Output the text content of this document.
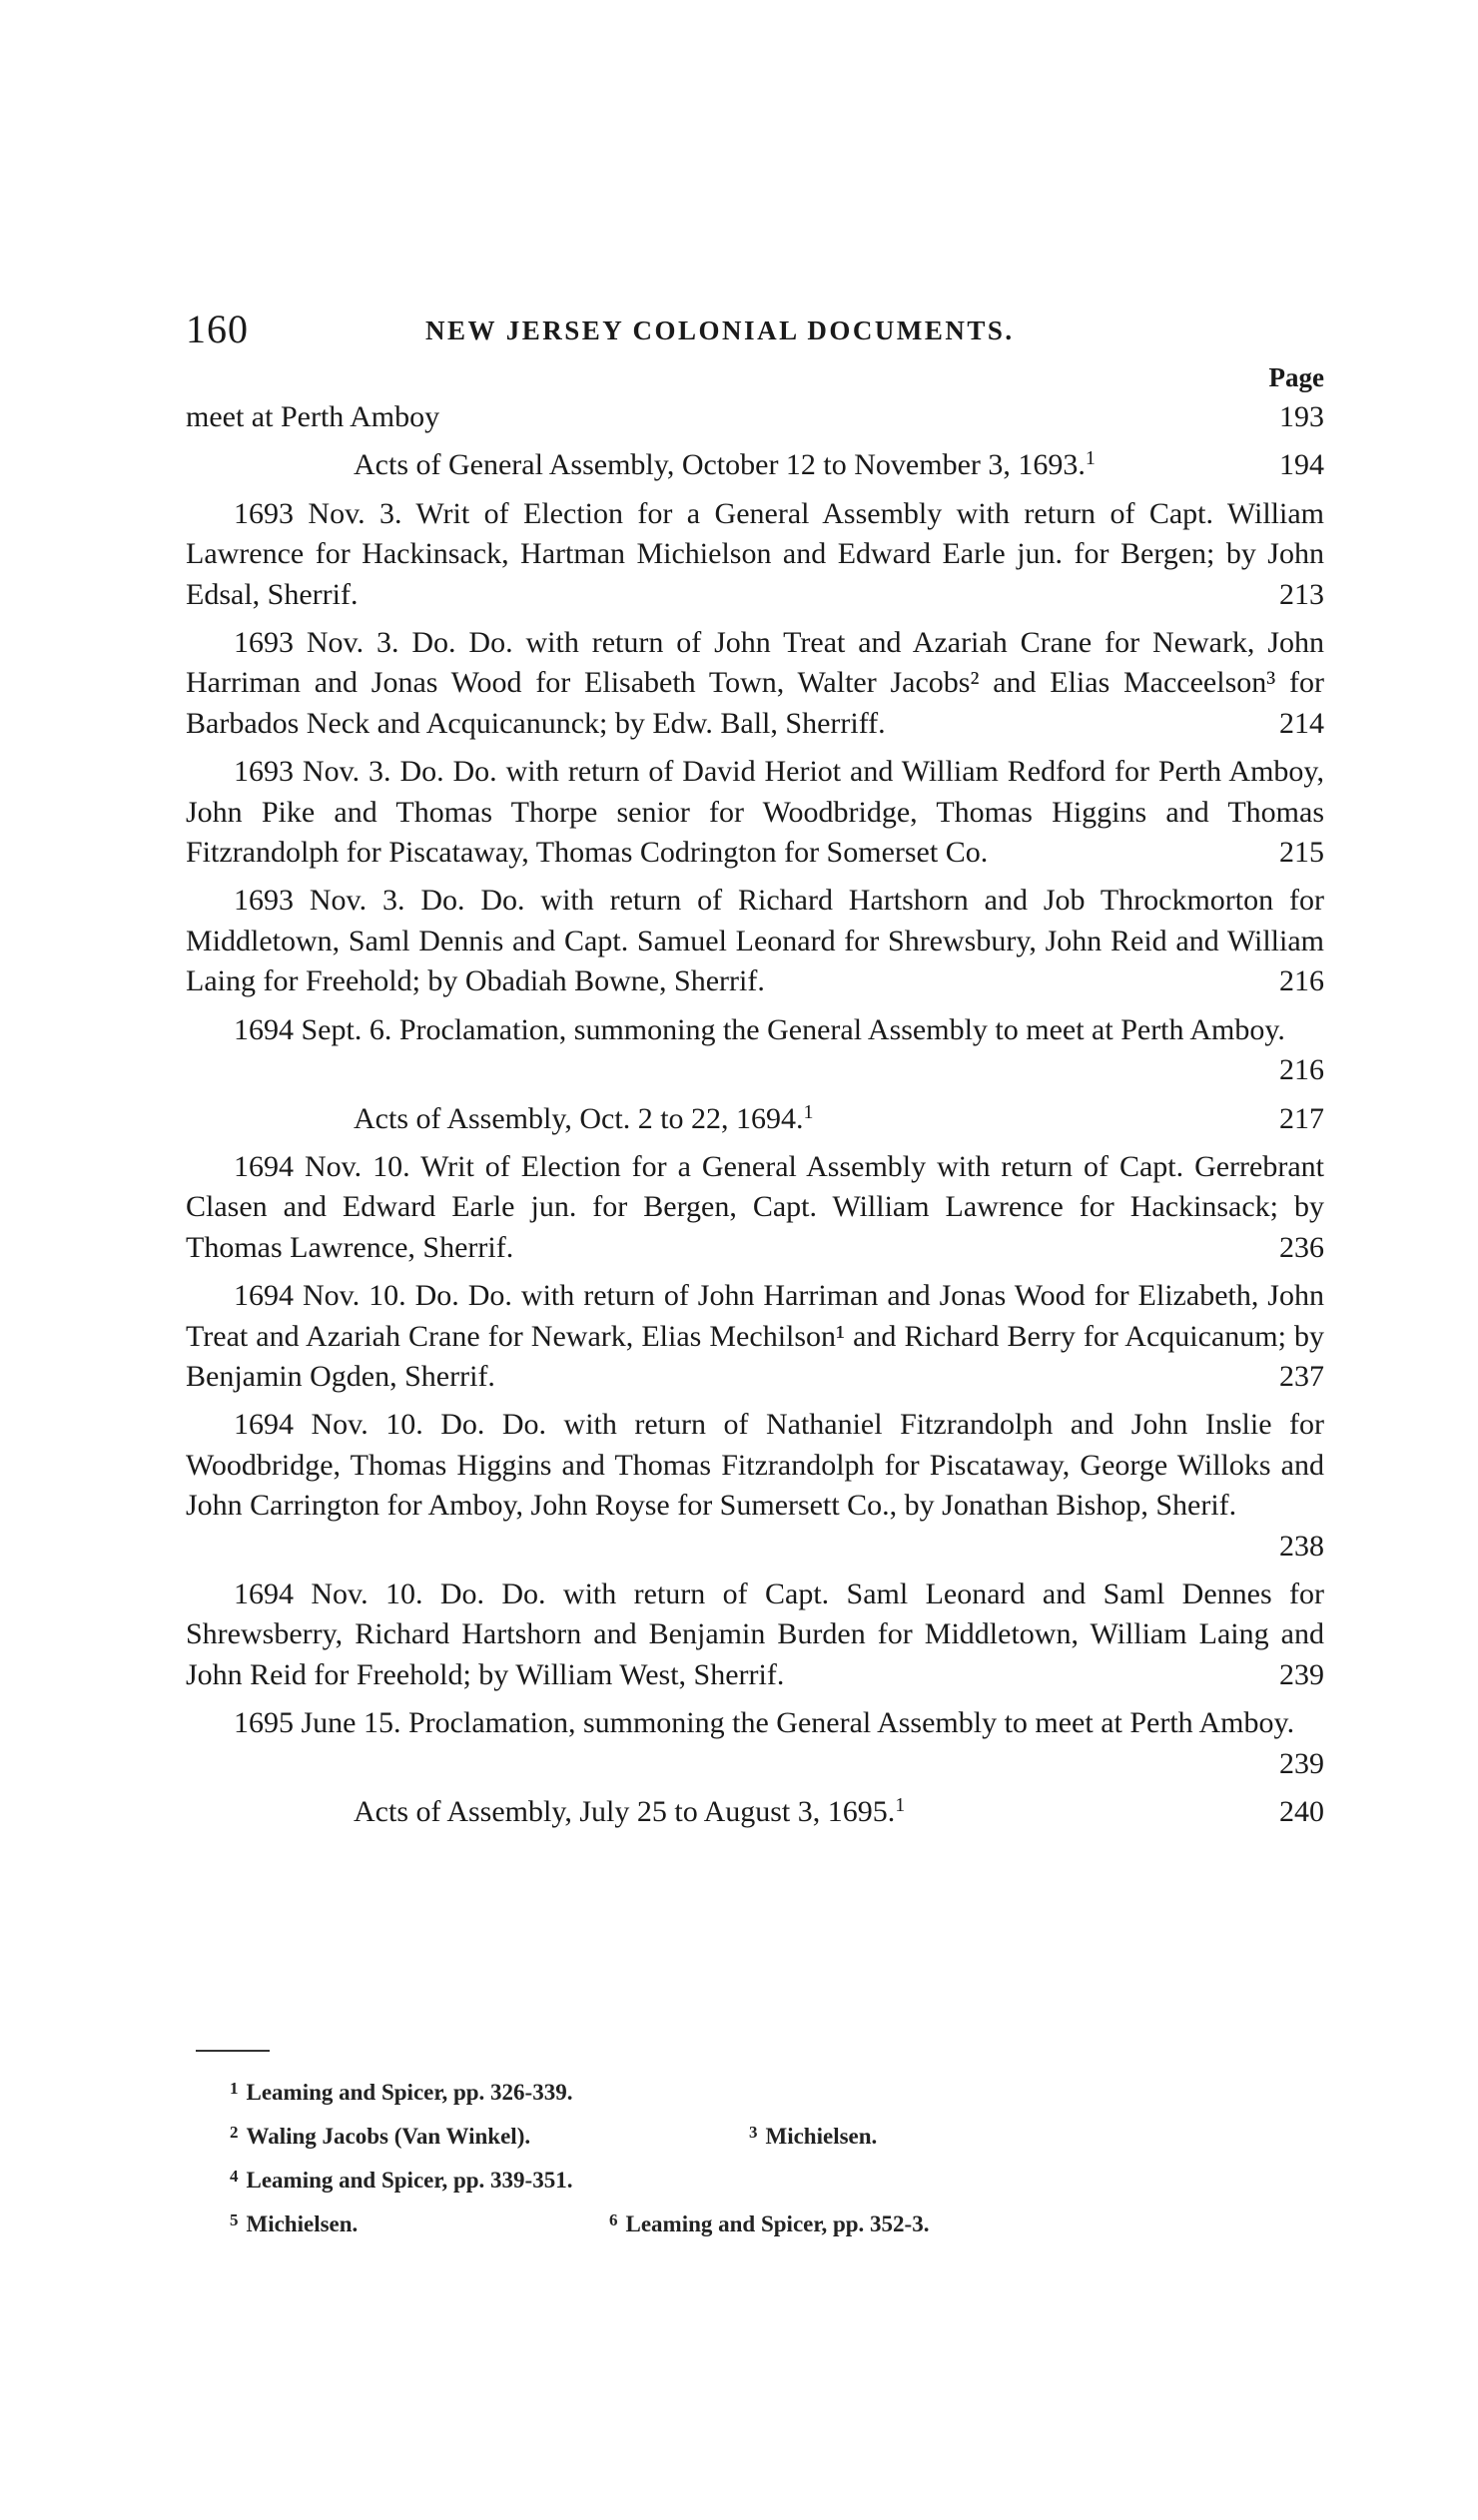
160	NEW JERSEY COLONIAL DOCUMENTS.
Page
meet at Perth Amboy	193
Acts of General Assembly, October 12 to November 3, 1693.$^1$	194
1693 Nov. 3. Writ of Election for a General Assembly with return of Capt. William Lawrence for Hackinsack, Hartman Michielson and Edward Earle jun. for Bergen; by John Edsal, Sherrif.	213
1693 Nov. 3. Do. Do. with return of John Treat and Azariah Crane for Newark, John Harriman and Jonas Wood for Elisabeth Town, Walter Jacobs² and Elias Macceelson³ for Barbados Neck and Acquicanunck; by Edw. Ball, Sherriff.	214
1693 Nov. 3. Do. Do. with return of David Heriot and William Redford for Perth Amboy, John Pike and Thomas Thorpe senior for Woodbridge, Thomas Higgins and Thomas Fitzrandolph for Piscataway, Thomas Codrington for Somerset Co.	215
1693 Nov. 3. Do. Do. with return of Richard Hartshorn and Job Throckmorton for Middletown, Saml Dennis and Capt. Samuel Leonard for Shrewsbury, John Reid and William Laing for Freehold; by Obadiah Bowne, Sherrif.	216
1694 Sept. 6. Proclamation, summoning the General Assembly to meet at Perth Amboy.
216
Acts of Assembly, Oct. 2 to 22, 1694.$^1$	217
1694 Nov. 10. Writ of Election for a General Assembly with return of Capt. Gerrebrant Clasen and Edward Earle jun. for Bergen, Capt. William Lawrence for Hackinsack; by Thomas Lawrence, Sherrif.	236
1694 Nov. 10. Do. Do. with return of John Harriman and Jonas Wood for Elizabeth, John Treat and Azariah Crane for Newark, Elias Mechilson¹ and Richard Berry for Acquicanum; by Benjamin Ogden, Sherrif.	237
1694 Nov. 10. Do. Do. with return of Nathaniel Fitzrandolph and John Inslie for Woodbridge, Thomas Higgins and Thomas Fitzrandolph for Piscataway, George Willoks and John Carrington for Amboy, John Royse for Sumersett Co., by Jonathan Bishop, Sherif.
238
1694 Nov. 10. Do. Do. with return of Capt. Saml Leonard and Saml Dennes for Shrewsberry, Richard Hartshorn and Benjamin Burden for Middletown, William Laing and John Reid for Freehold; by William West, Sherrif.	239
1695 June 15. Proclamation, summoning the General Assembly to meet at Perth Amboy.
239
Acts of Assembly, July 25 to August 3, 1695.$^1$	240
$^1$ Leaming and Spicer, pp. 326-339.
$^2$ Waling Jacobs (Van Winkel).	$^3$ Michielsen.
$^4$ Leaming and Spicer, pp. 339-351.
$^5$ Michielsen.	$^6$ Leaming and Spicer, pp. 352-3.
